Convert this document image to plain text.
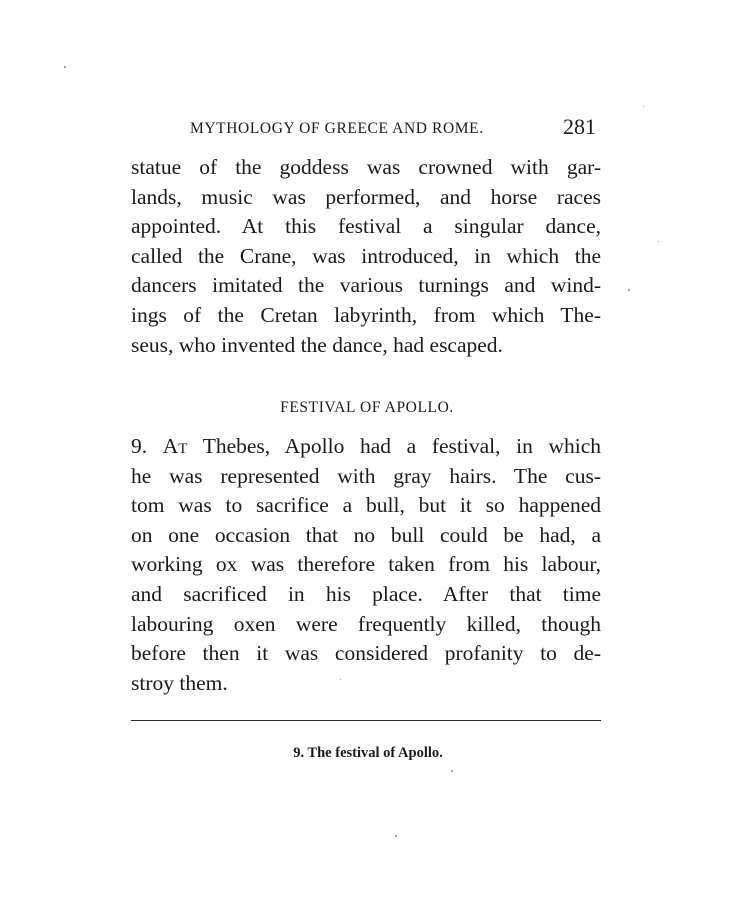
MYTHOLOGY OF GREECE AND ROME.	281
statue of the goddess was crowned with gar-
lands, music was performed, and horse races
appointed. At this festival a singular dance,
called the Crane, was introduced, in which the
dancers imitated the various turnings and wind-
ings of the Cretan labyrinth, from which The-
seus, who invented the dance, had escaped.
FESTIVAL OF APOLLO.
9. At Thebes, Apollo had a festival, in which
he was represented with gray hairs. The cus-
tom was to sacrifice a bull, but it so happened
on one occasion that no bull could be had, a
working ox was therefore taken from his labour,
and sacrificed in his place. After that time
labouring oxen were frequently killed, though
before then it was considered profanity to de-
stroy them.
9. The festival of Apollo.
